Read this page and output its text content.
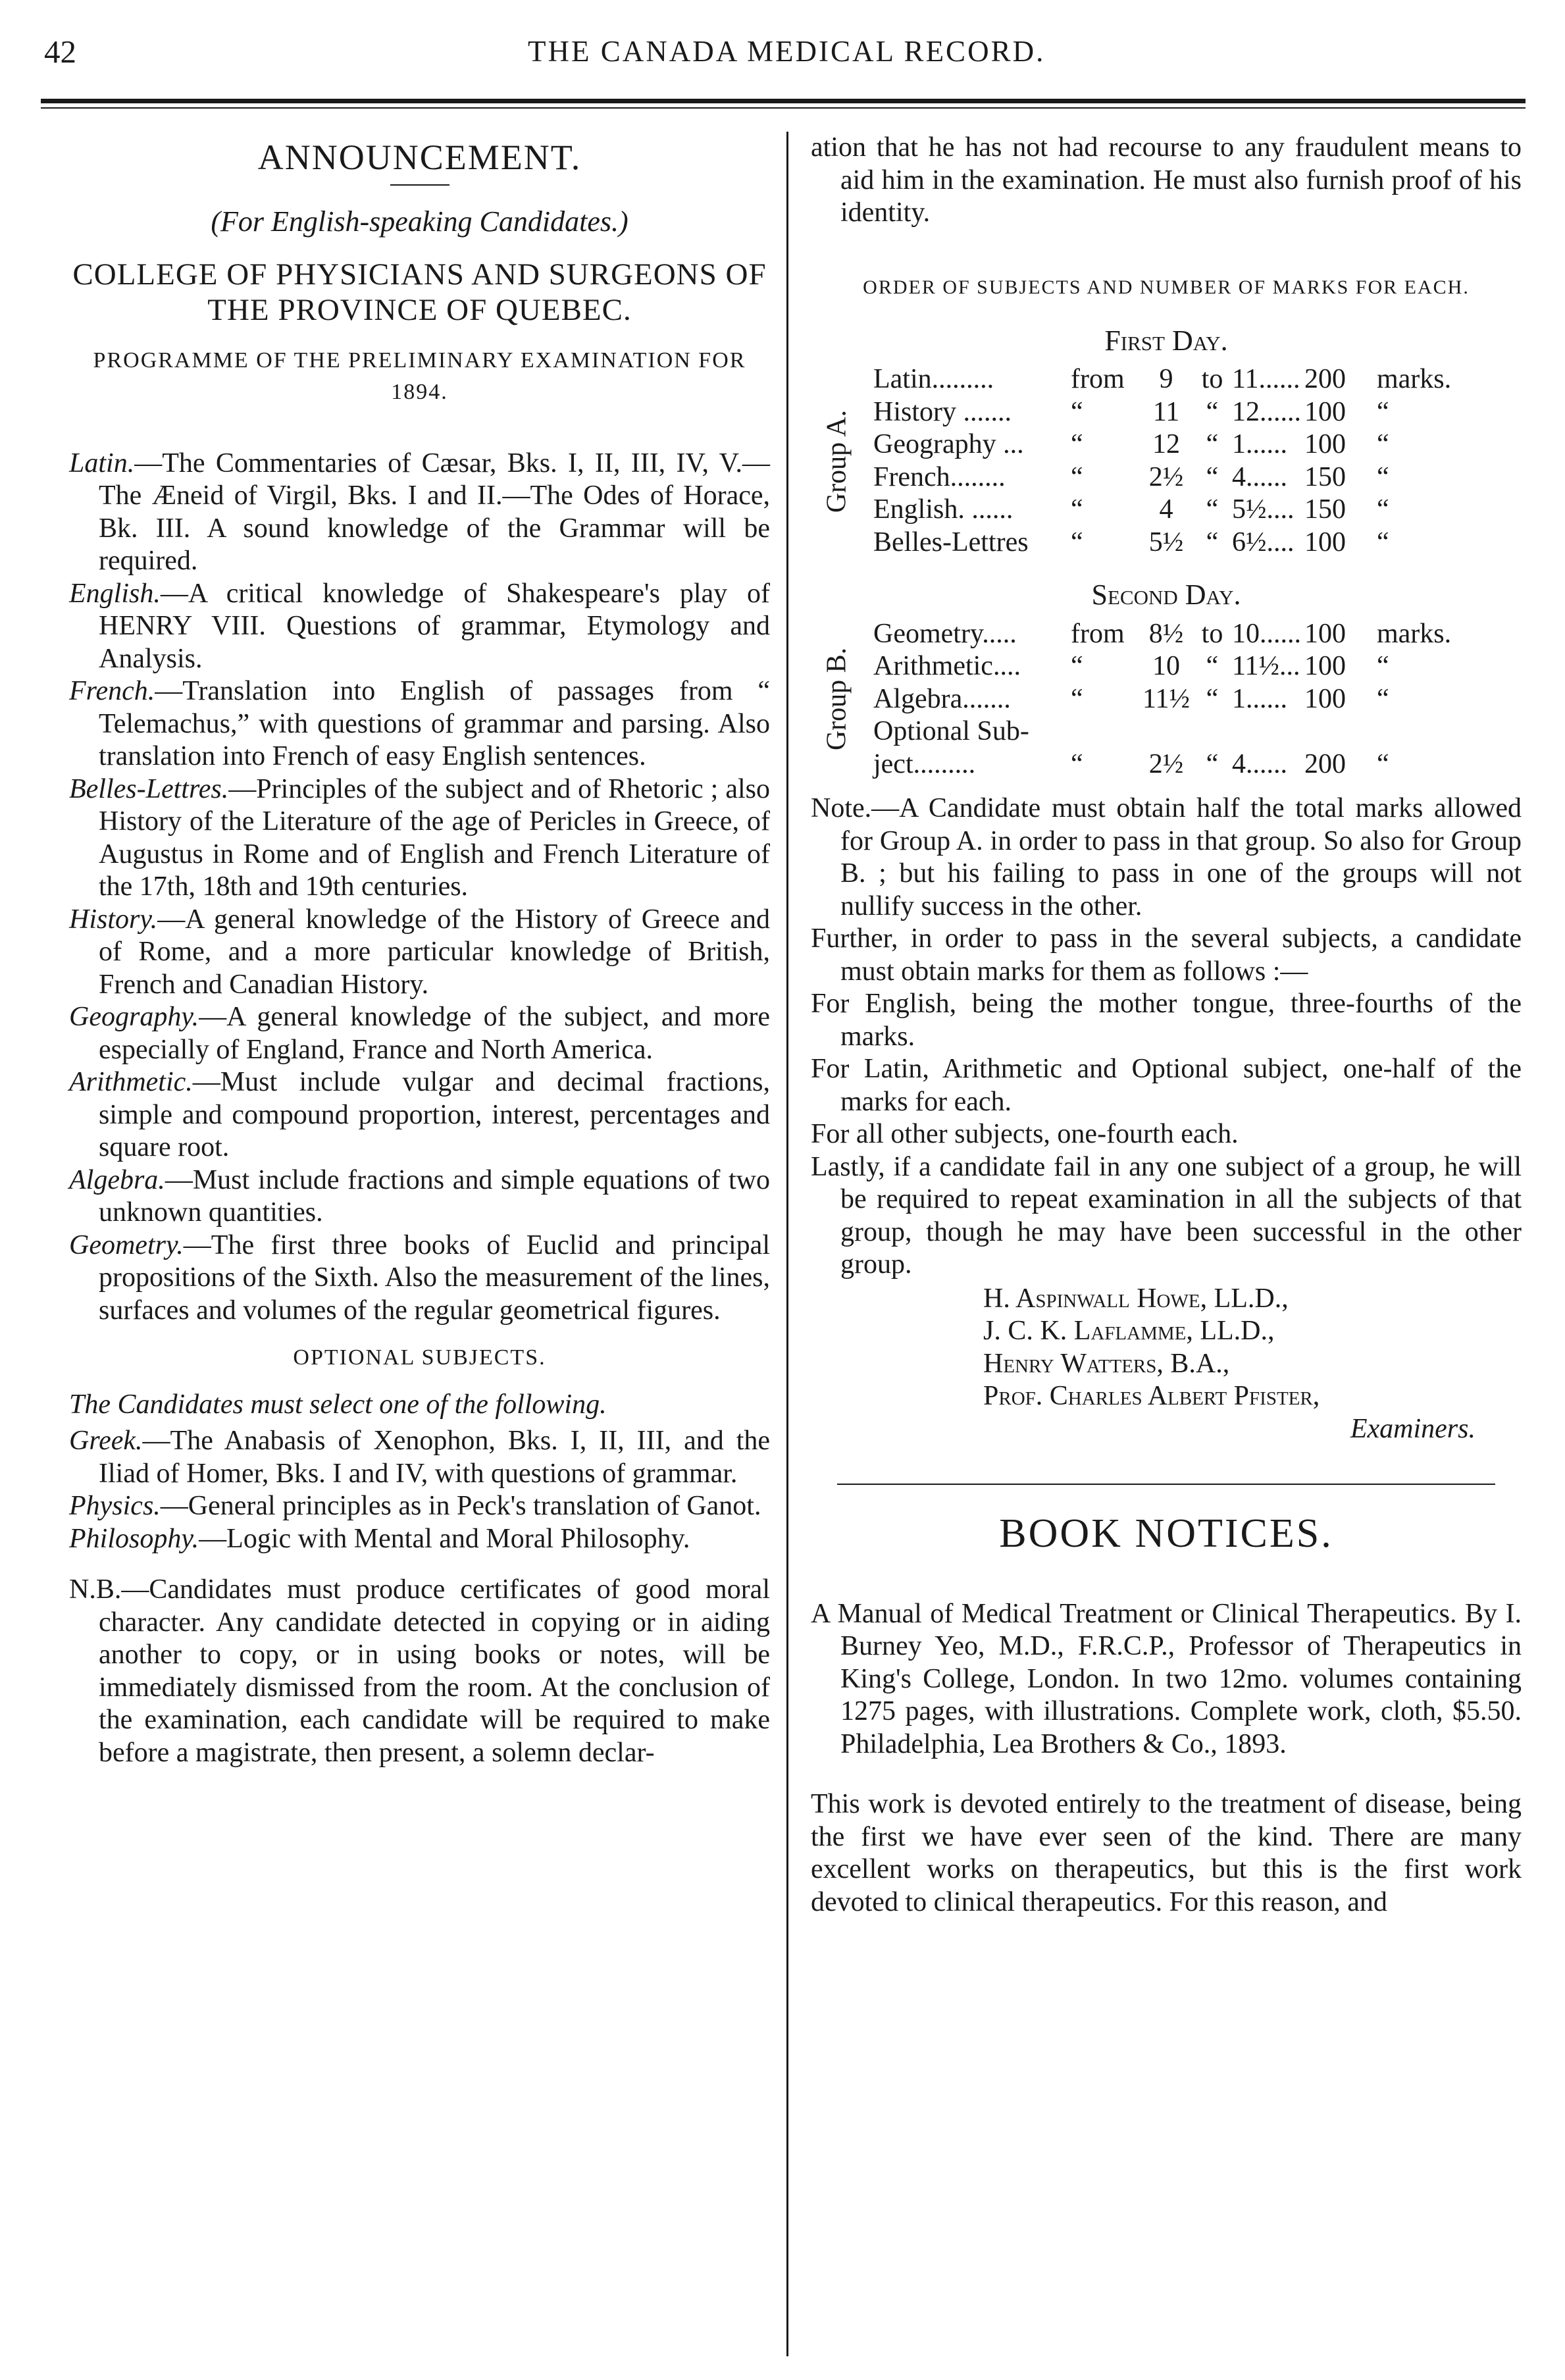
42	THE CANADA MEDICAL RECORD.
ANNOUNCEMENT.
(For English-speaking Candidates.)
COLLEGE OF PHYSICIANS AND SURGEONS OF THE PROVINCE OF QUEBEC.
PROGRAMME OF THE PRELIMINARY EXAMINATION FOR 1894.

Latin.—The Commentaries of Cæsar, Bks. I, II, III, IV, V.—The Æneid of Virgil, Bks. I and II.—The Odes of Horace, Bk. III. A sound knowledge of the Grammar will be required.

English.—A critical knowledge of Shakespeare's play of HENRY VIII. Questions of grammar, Etymology and Analysis.

French.—Translation into English of passages from “ Telemachus,” with questions of grammar and parsing. Also translation into French of easy English sentences.

Belles-Lettres.—Principles of the subject and of Rhetoric ; also History of the Literature of the age of Pericles in Greece, of Augustus in Rome and of English and French Literature of the 17th, 18th and 19th centuries.

History.—A general knowledge of the History of Greece and of Rome, and a more particular knowledge of British, French and Canadian History.

Geography.—A general knowledge of the subject, and more especially of England, France and North America.

Arithmetic.—Must include vulgar and decimal fractions, simple and compound proportion, interest, percentages and square root.

Algebra.—Must include fractions and simple equations of two unknown quantities.

Geometry.—The first three books of Euclid and principal propositions of the Sixth. Also the measurement of the lines, surfaces and volumes of the regular geometrical figures.

OPTIONAL SUBJECTS.
The Candidates must select one of the following.

Greek.—The Anabasis of Xenophon, Bks. I, II, III, and the Iliad of Homer, Bks. I and IV, with questions of grammar.

Physics.—General principles as in Peck's translation of Ganot.

Philosophy.—Logic with Mental and Moral Philosophy.

N.B.—Candidates must produce certificates of good moral character. Any candidate detected in copying or in aiding another to copy, or in using books or notes, will be immediately dismissed from the room. At the conclusion of the examination, each candidate will be required to make before a magistrate, then present, a solemn declar-

ation that he has not had recourse to any fraudulent means to aid him in the examination. He must also furnish proof of his identity.

ORDER OF SUBJECTS AND NUMBER OF MARKS FOR EACH.
First Day.
Group A.
Latin.........	from	9	to	11......	200	marks.
History .......	“	11	“	12......	100	“
Geography ...	“	12	“	1......	100	“
French........	“	2½	“	4......	150	“
English. ......	“	4	“	5½....	150	“
Belles-Lettres	“	5½	“	6½....	100	“
Second Day.
Group B.
Geometry.....	from	8½	to	10......	100	marks.
Arithmetic....	“	10	“	11½...	100	“
Algebra.......	“	11½	“	1......	100	“
Optional Sub-						
ject.........	“	2½	“	4......	200	“

Note.—A Candidate must obtain half the total marks allowed for Group A. in order to pass in that group. So also for Group B. ; but his failing to pass in one of the groups will not nullify success in the other.

Further, in order to pass in the several subjects, a candidate must obtain marks for them as follows :—

For English, being the mother tongue, three-fourths of the marks.

For Latin, Arithmetic and Optional subject, one-half of the marks for each.

For all other subjects, one-fourth each.

Lastly, if a candidate fail in any one subject of a group, he will be required to repeat examination in all the subjects of that group, though he may have been successful in the other group.

H. Aspinwall Howe, LL.D.,
J. C. K. Laflamme, LL.D.,
Henry Watters, B.A.,
Prof. Charles Albert Pfister,
Examiners.
BOOK NOTICES.

A Manual of Medical Treatment or Clinical Therapeutics. By I. Burney Yeo, M.D., F.R.C.P., Professor of Therapeutics in King's College, London. In two 12mo. volumes containing 1275 pages, with illustrations. Complete work, cloth, $5.50. Philadelphia, Lea Brothers & Co., 1893.

This work is devoted entirely to the treatment of disease, being the first we have ever seen of the kind. There are many excellent works on therapeutics, but this is the first work devoted to clinical therapeutics. For this reason, and
